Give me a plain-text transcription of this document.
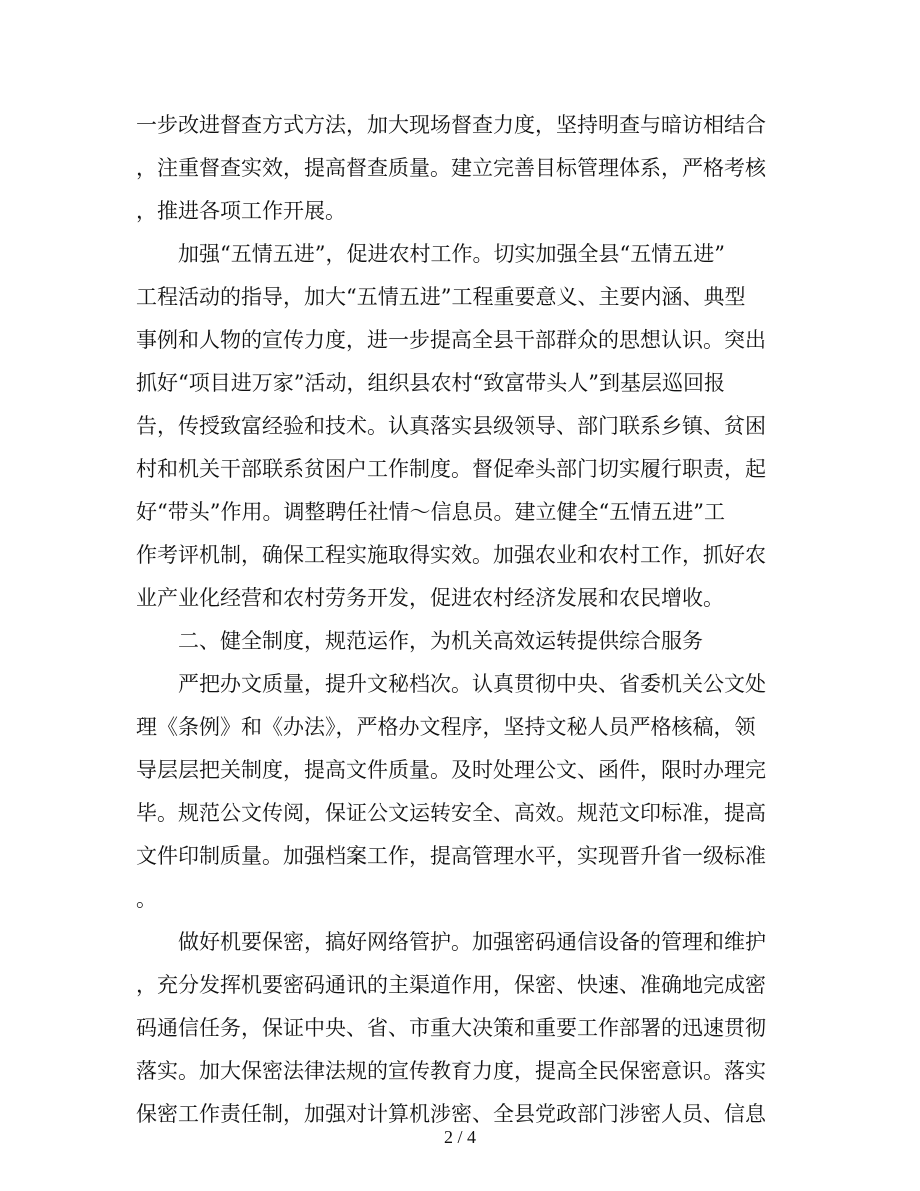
一步改进督查方式方法，加大现场督查力度，坚持明查与暗访相结合
，注重督查实效，提高督查质量。建立完善目标管理体系，严格考核
，推进各项工作开展。
　　加强“五情五进”，促进农村工作。切实加强全县“五情五进”
工程活动的指导，加大“五情五进”工程重要意义、主要内涵、典型
事例和人物的宣传力度，进一步提高全县干部群众的思想认识。突出
抓好“项目进万家”活动，组织县农村“致富带头人”到基层巡回报
告，传授致富经验和技术。认真落实县级领导、部门联系乡镇、贫困
村和机关干部联系贫困户工作制度。督促牵头部门切实履行职责，起
好“带头”作用。调整聘任社情～信息员。建立健全“五情五进”工
作考评机制，确保工程实施取得实效。加强农业和农村工作，抓好农
业产业化经营和农村劳务开发，促进农村经济发展和农民增收。
　　二、健全制度，规范运作，为机关高效运转提供综合服务
　　严把办文质量，提升文秘档次。认真贯彻中央、省委机关公文处
理《条例》和《办法》，严格办文程序，坚持文秘人员严格核稿，领
导层层把关制度，提高文件质量。及时处理公文、函件，限时办理完
毕。规范公文传阅，保证公文运转安全、高效。规范文印标准，提高
文件印制质量。加强档案工作，提高管理水平，实现晋升省一级标准
。
　　做好机要保密，搞好网络管护。加强密码通信设备的管理和维护
，充分发挥机要密码通讯的主渠道作用，保密、快速、准确地完成密
码通信任务，保证中央、省、市重大决策和重要工作部署的迅速贯彻
落实。加大保密法律法规的宣传教育力度，提高全民保密意识。落实
保密工作责任制，加强对计算机涉密、全县党政部门涉密人员、信息
2 / 4
